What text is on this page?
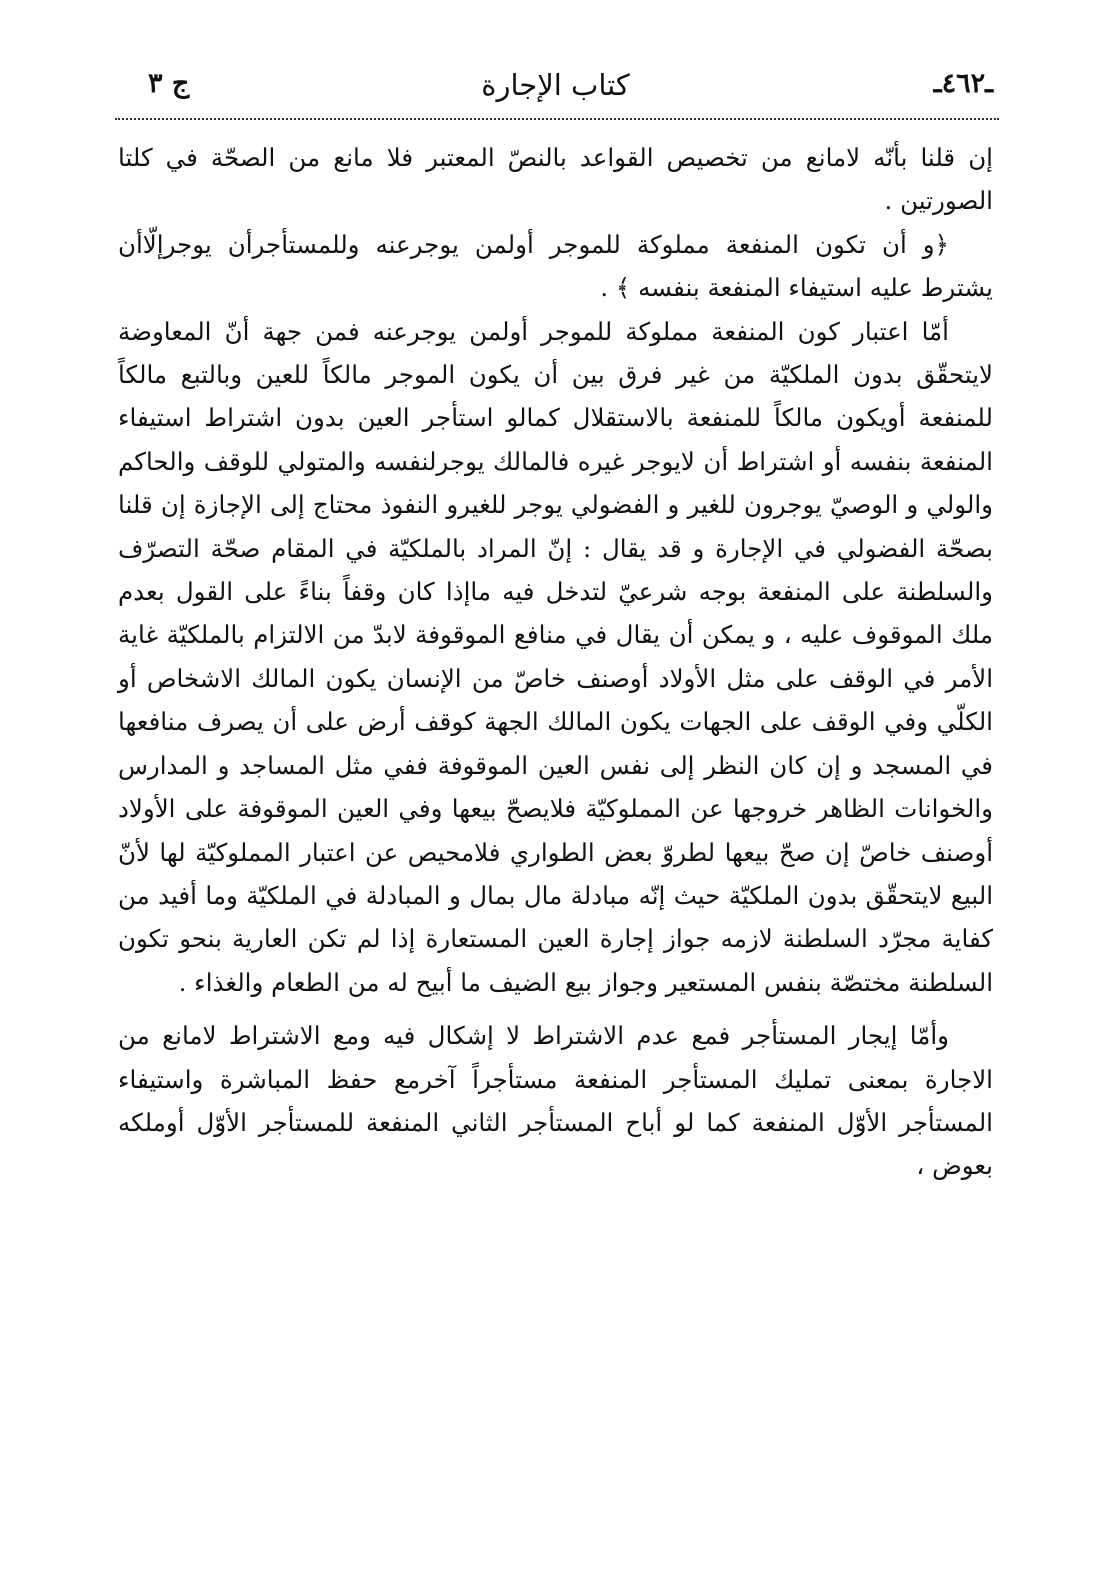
ـ٤٦٢ـ
كتاب الإجارة
ج ٣

إن قلنا بأنّه لامانع من تخصيص القواعد بالنصّ المعتبر فلا مانع من الصحّة في كلتا الصورتين .

﴿و أن تكون المنفعة مملوكة للموجر أولمن يوجرعنه وللمستأجرأن يوجرإلّاأن يشترط عليه استيفاء المنفعة بنفسه ﴾ .

أمّا اعتبار كون المنفعة مملوكة للموجر أولمن يوجرعنه فمن جهة أنّ المعاوضة لايتحقّق بدون الملكيّة من غير فرق بين أن يكون الموجر مالكاً للعين وبالتبع مالكاً للمنفعة أويكون مالكاً للمنفعة بالاستقلال كمالو استأجر العين بدون اشتراط استيفاء المنفعة بنفسه أو اشتراط أن لايوجر غيره فالمالك يوجرلنفسه والمتولي للوقف والحاكم والولي و الوصيّ يوجرون للغير و الفضولي يوجر للغيرو النفوذ محتاج إلى الإجازة إن قلنا بصحّة الفضولي في الإجارة و قد يقال : إنّ المراد بالملكيّة في المقام صحّة التصرّف والسلطنة على المنفعة بوجه شرعيّ لتدخل فيه ماإذا كان وقفاً بناءً على القول بعدم ملك الموقوف عليه ، و يمكن أن يقال في منافع الموقوفة لابدّ من الالتزام بالملكيّة غاية الأمر في الوقف على مثل الأولاد أوصنف خاصّ من الإنسان يكون المالك الاشخاص أو الكلّي وفي الوقف على الجهات يكون المالك الجهة كوقف أرض على أن يصرف منافعها في المسجد و إن كان النظر إلى نفس العين الموقوفة ففي مثل المساجد و المدارس والخوانات الظاهر خروجها عن المملوكيّة فلايصحّ بيعها وفي العين الموقوفة على الأولاد أوصنف خاصّ إن صحّ بيعها لطروّ بعض الطواري فلامحيص عن اعتبار المملوكيّة لها لأنّ البيع لايتحقّق بدون الملكيّة حيث إنّه مبادلة مال بمال و المبادلة في الملكيّة وما أفيد من كفاية مجرّد السلطنة لازمه جواز إجارة العين المستعارة إذا لم تكن العارية بنحو تكون السلطنة مختصّة بنفس المستعير وجواز بيع الضيف ما أبيح له من الطعام والغذاء .

وأمّا إيجار المستأجر فمع عدم الاشتراط لا إشكال فيه ومع الاشتراط لامانع من الاجارة بمعنى تمليك المستأجر المنفعة مستأجراً آخرمع حفظ المباشرة واستيفاء المستأجر الأوّل المنفعة كما لو أباح المستأجر الثاني المنفعة للمستأجر الأوّل أوملكه بعوض ،
